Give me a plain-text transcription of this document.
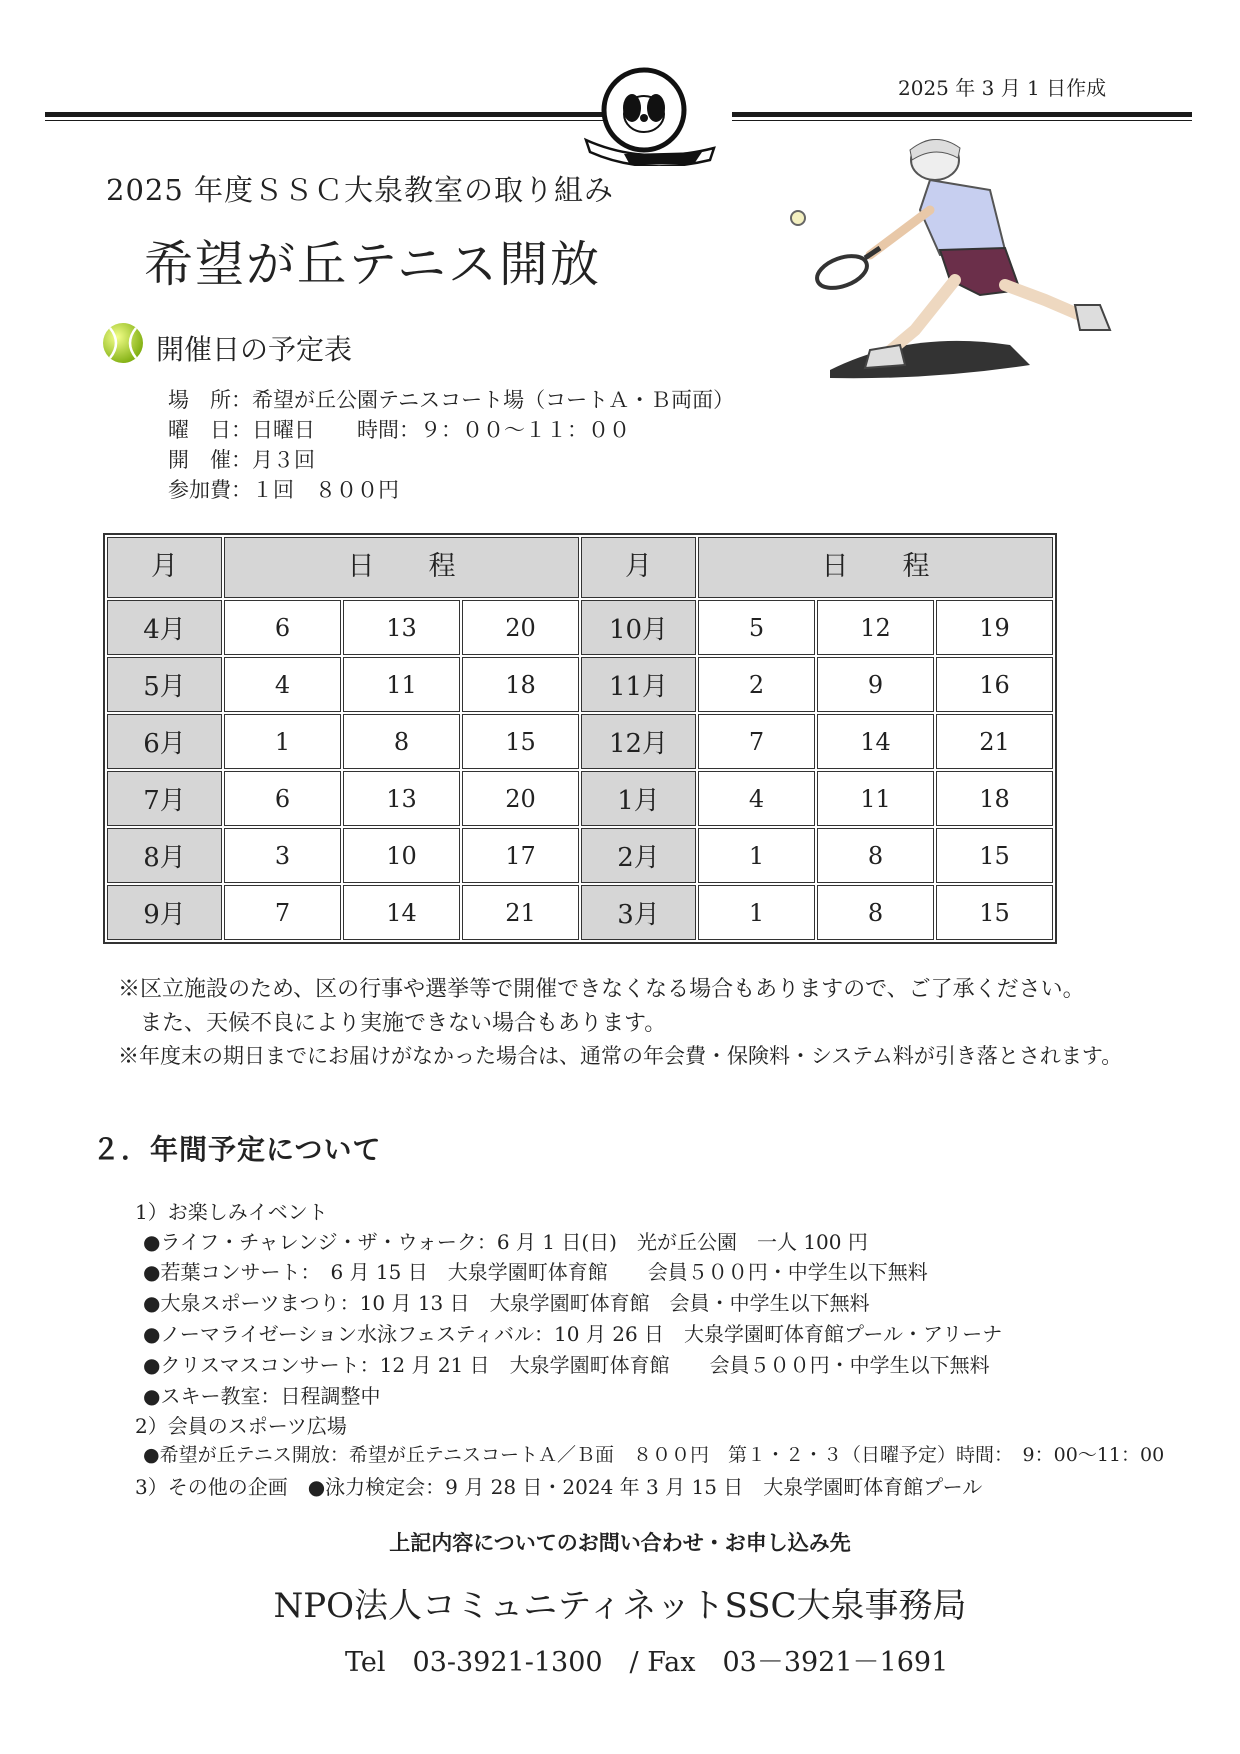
2025 年 3 月 1 日作成
2025 年度ＳＳＣ大泉教室の取り組み
希望が丘テニス開放
開催日の予定表
場　所：希望が丘公園テニスコート場（コートＡ・Ｂ両面）
曜　日：日曜日　　時間：９：００～１１：００
開　催：月３回
参加費：１回　８００円
月	日　　程			月	日　　程		
4月	6	13	20	10月	5	12	19
5月	4	11	18	11月	2	9	16
6月	1	8	15	12月	7	14	21
7月	6	13	20	1月	4	11	18
8月	3	10	17	2月	1	8	15
9月	7	14	21	3月	1	8	15
※区立施設のため、区の行事や選挙等で開催できなくなる場合もありますので、ご了承ください。
　また、天候不良により実施できない場合もあります。
※年度末の期日までにお届けがなかった場合は、通常の年会費・保険料・システム料が引き落とされます。
２．年間予定について
1）お楽しみイベント
●ライフ・チャレンジ・ザ・ウォーク：6 月 1 日(日)　光が丘公園　一人 100 円
●若葉コンサート：　6 月 15 日　大泉学園町体育館　　会員５００円・中学生以下無料
●大泉スポーツまつり：10 月 13 日　大泉学園町体育館　会員・中学生以下無料
●ノーマライゼーション水泳フェスティバル：10 月 26 日　大泉学園町体育館プール・アリーナ
●クリスマスコンサート：12 月 21 日　大泉学園町体育館　　会員５００円・中学生以下無料
●スキー教室：日程調整中
2）会員のスポーツ広場
●希望が丘テニス開放：希望が丘テニスコートＡ／Ｂ面　８００円　第１・２・３（日曜予定）時間：　9：00～11：00
3）その他の企画　●泳力検定会：9 月 28 日・2024 年 3 月 15 日　大泉学園町体育館プール
上記内容についてのお問い合わせ・お申し込み先
NPO法人コミュニティネットSSC大泉事務局
Tel　03-3921-1300　/ Fax　03－3921－1691
